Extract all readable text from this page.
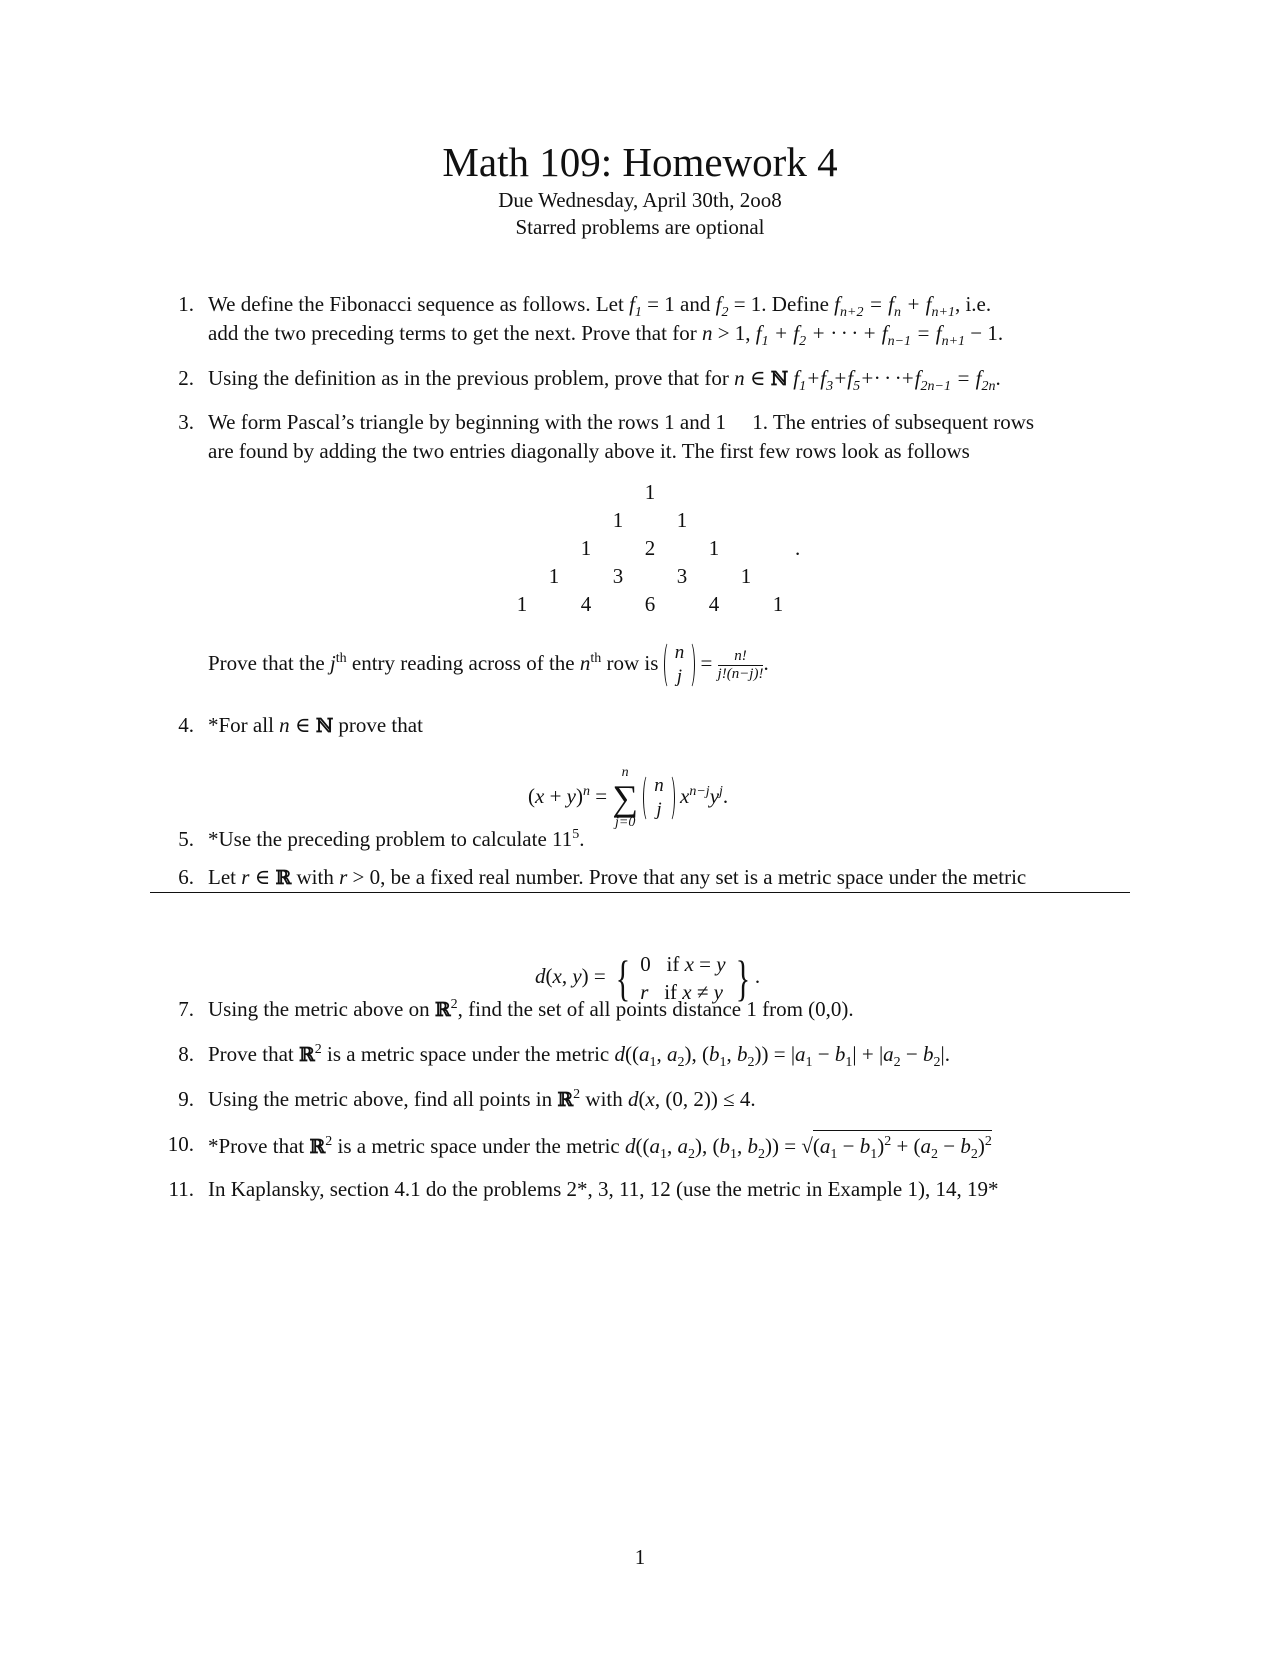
Math 109: Homework 4
Due Wednesday, April 30th, 2oo8
Starred problems are optional
1. We define the Fibonacci sequence as follows. Let $f_1 = 1$ and $f_2 = 1$. Define $f_{n+2} = f_n + f_{n+1}$, i.e.
add the two preceding terms to get the next. Prove that for n > 1, $f_1 + f_2$ + · · · + $f_{n-1} = f_{n+1} - 1$.
2. Using the definition as in the previous problem, prove that for n ∈ ℕ $f_1+f_3+f_5+\cdot \cdot \cdot+f_{2n-1} = f_{2n}$.
3. We form Pascal’s triangle by beginning with the rows 1 and 1 1. The entries of subsequent rows
are found by adding the two entries diagonally above it. The first few rows look as follows
Prove that the $j^{th}$ entry reading across of the $n^{th}$ row is n
j
= $\frac{n!}{j!(n-j)!}$ .
4. *For all n ∈ ℕ prove that
5. *Use the preceding problem to calculate $11^5$.
6. Let r ∈ ℝ with r > 0, be a fixed real number. Prove that any set is a metric space under the metric
7. Using the metric above on ℝ$^2$, find the set of all points distance 1 from (0,0).
8. Prove that ℝ$^2$ is a metric space under the metric $d((a_1$, $a_2$), ($b_1$, $b_2)) = |a_1 - b_1| + |a_2 - b_2|$.
9. Using the metric above, find all points in ℝ$^2$ with d(x, (0, 2)) ≤ 4.
10. *Prove that ℝ$^2$ is a metric space under the metric $d((a_1$, $a_2$), ($b_1$, $b_2)) = √(a_1 - b_1)^2 + (a_2 - b_2)^2$
11. In Kaplansky, section 4.1 do the problems 2*, 3, 11, 12 (use the metric in Example 1), 14, 19*
1
1	1
1	2	1
1	3	3	1
1	4	6	4	1
.
$(x + y)^n$ =
n
∑
j=0

n
j
$x^{n-j}y^j$.
d(x, y) = { 0   if x = y
r if x ≠ y } .
1
